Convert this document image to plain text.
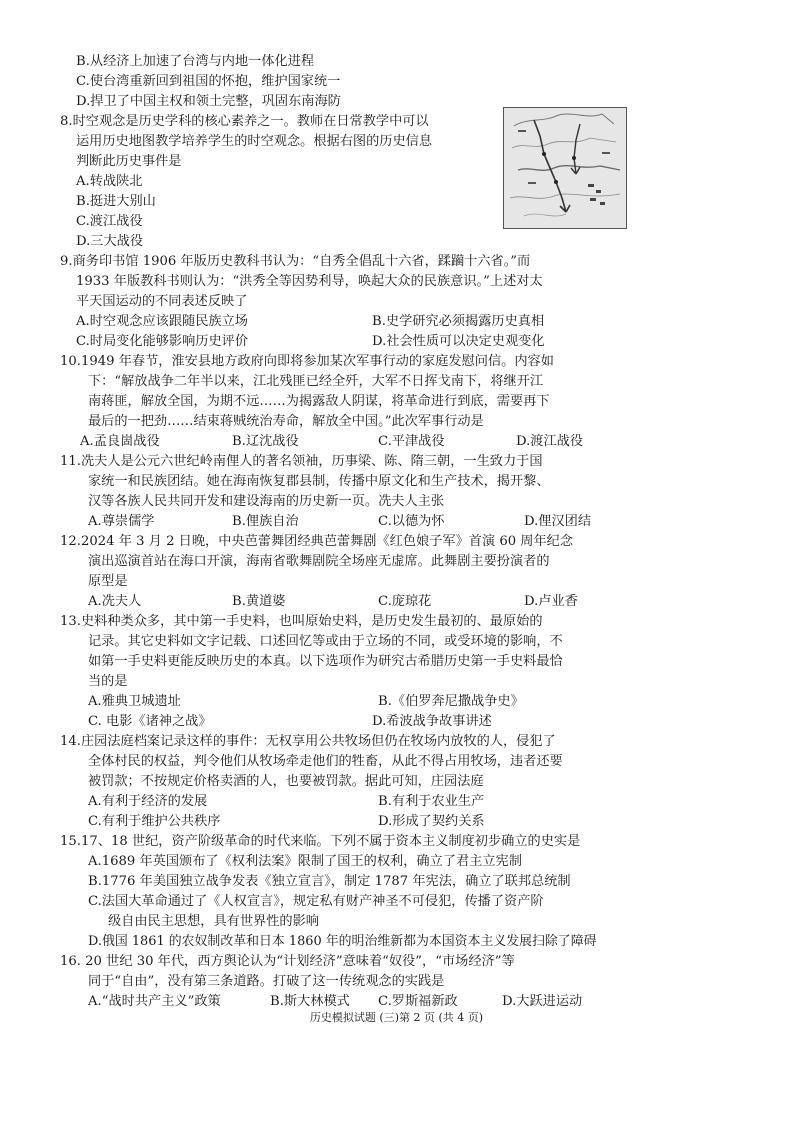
B.从经济上加速了台湾与内地一体化进程
C.使台湾重新回到祖国的怀抱，维护国家统一
D.捍卫了中国主权和领土完整，巩固东南海防
8.时空观念是历史学科的核心素养之一。教师在日常教学中可以
运用历史地图教学培养学生的时空观念。根据右图的历史信息
判断此历史事件是
A.转战陕北
B.挺进大别山
C.渡江战役
D.三大战役
9.商务印书馆 1906 年版历史教科书认为：“自秀全倡乱十六省，蹂躏十六省。”而
1933 年版教科书则认为：“洪秀全等因势利导，唤起大众的民族意识。”上述对太
平天国运动的不同表述反映了
A.时空观念应该跟随民族立场	B.史学研究必须揭露历史真相
C.时局变化能够影响历史评价	D.社会性质可以决定史观变化
10.1949 年春节，淮安县地方政府向即将参加某次军事行动的家庭发慰问信。内容如
下：“解放战争二年半以来，江北残匪已经全歼，大军不日挥戈南下，将继开江
南蒋匪，解放全国，为期不远……为揭露敌人阴谋，将革命进行到底，需要再下
最后的一把劲……结束蒋贼统治寿命，解放全中国。”此次军事行动是
A.孟良崮战役	B.辽沈战役	C.平津战役	D.渡江战役
11.冼夫人是公元六世纪岭南俚人的著名领袖，历事梁、陈、隋三朝，一生致力于国
家统一和民族团结。她在海南恢复郡县制，传播中原文化和生产技术，揭开黎、
汉等各族人民共同开发和建设海南的历史新一页。冼夫人主张
A.尊崇儒学	B.俚族自治	C.以德为怀	D.俚汉团结
12.2024 年 3 月 2 日晚，中央芭蕾舞团经典芭蕾舞剧《红色娘子军》首演 60 周年纪念
演出巡演首站在海口开演，海南省歌舞剧院全场座无虚席。此舞剧主要扮演者的
原型是
A.冼夫人	B.黄道婆	C.庞琼花	D.卢业香
13.史料种类众多，其中第一手史料，也叫原始史料，是历史发生最初的、最原始的
记录。其它史料如文字记载、口述回忆等或由于立场的不同，或受环境的影响，不
如第一手史料更能反映历史的本真。以下选项作为研究古希腊历史第一手史料最恰
当的是
A.雅典卫城遗址	B.《伯罗奔尼撒战争史》
C. 电影《诸神之战》	D.希波战争故事讲述
14.庄园法庭档案记录这样的事件：无权享用公共牧场但仍在牧场内放牧的人，侵犯了
全体村民的权益，判令他们从牧场牵走他们的牲畜，从此不得占用牧场，违者还要
被罚款；不按规定价格卖酒的人，也要被罚款。据此可知，庄园法庭
A.有利于经济的发展	B.有利于农业生产
C.有利于维护公共秩序	D.形成了契约关系
15.17、18 世纪，资产阶级革命的时代来临。下列不属于资本主义制度初步确立的史实是
A.1689 年英国颁布了《权利法案》限制了国王的权利，确立了君主立宪制
B.1776 年美国独立战争发表《独立宣言》，制定 1787 年宪法，确立了联邦总统制
C.法国大革命通过了《人权宣言》，规定私有财产神圣不可侵犯，传播了资产阶
级自由民主思想，具有世界性的影响
D.俄国 1861 的农奴制改革和日本 1860 年的明治维新都为本国资本主义发展扫除了障碍
16. 20 世纪 30 年代，西方舆论认为“计划经济”意味着“奴役”，“市场经济”等
同于“自由”，没有第三条道路。打破了这一传统观念的实践是
A.“战时共产主义”政策	B.斯大林模式 C.罗斯福新政	D.大跃进运动
历史模拟试题 (三)第 2 页 (共 4 页)
